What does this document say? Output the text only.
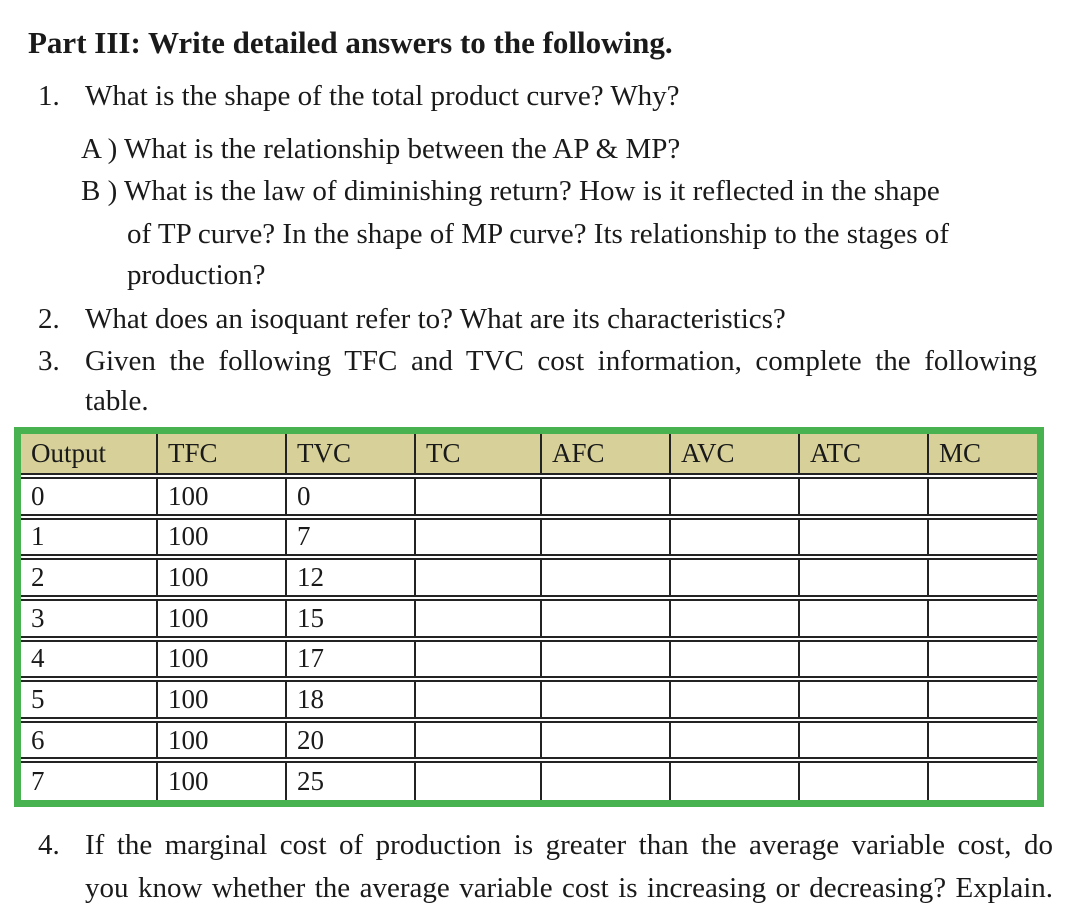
Part III: Write detailed answers to the following.
1. What is the shape of the total product curve? Why?
A ) What is the relationship between the AP & MP?
B ) What is the law of diminishing return? How is it reflected in the shape
of TP curve? In the shape of MP curve? Its relationship to the stages of
production?
2. What does an isoquant refer to? What are its characteristics?
3. Given the following TFC and TVC cost information, complete the following
table.
Output	TFC	TVC	TC	AFC	AVC	ATC	MC
0	100	0
1	100	7
2	100	12
3	100	15
4	100	17
5	100	18
6	100	20
7	100	25
4. If the marginal cost of production is greater than the average variable cost, do
you know whether the average variable cost is increasing or decreasing? Explain.
